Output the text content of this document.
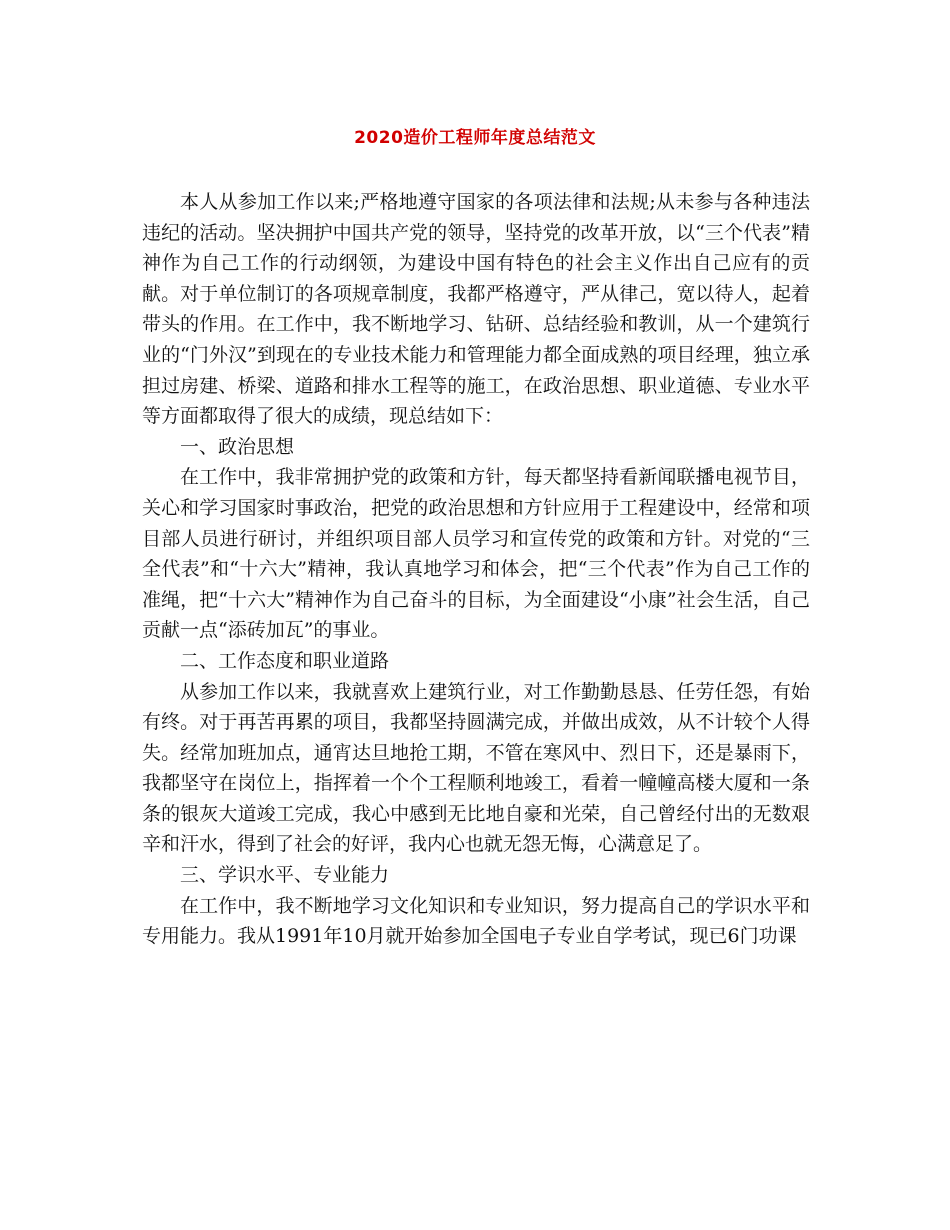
2020造价工程师年度总结范文

本人从参加工作以来;严格地遵守国家的各项法律和法规;从未参与各种违法违纪的活动。坚决拥护中国共产党的领导，坚持党的改革开放，以“三个代表”精神作为自己工作的行动纲领，为建设中国有特色的社会主义作出自己应有的贡献。对于单位制订的各项规章制度，我都严格遵守，严从律己，宽以待人，起着带头的作用。在工作中，我不断地学习、钻研、总结经验和教训，从一个建筑行业的“门外汉”到现在的专业技术能力和管理能力都全面成熟的项目经理，独立承担过房建、桥梁、道路和排水工程等的施工，在政治思想、职业道德、专业水平等方面都取得了很大的成绩，现总结如下：

一、政治思想

在工作中，我非常拥护党的政策和方针，每天都坚持看新闻联播电视节目，关心和学习国家时事政治，把党的政治思想和方针应用于工程建设中，经常和项目部人员进行研讨，并组织项目部人员学习和宣传党的政策和方针。对党的“三全代表”和“十六大”精神，我认真地学习和体会，把“三个代表”作为自己工作的准绳，把“十六大”精神作为自己奋斗的目标，为全面建设“小康”社会生活，自己贡献一点“添砖加瓦”的事业。

二、工作态度和职业道路

从参加工作以来，我就喜欢上建筑行业，对工作勤勤恳恳、任劳任怨，有始有终。对于再苦再累的项目，我都坚持圆满完成，并做出成效，从不计较个人得失。经常加班加点，通宵达旦地抢工期，不管在寒风中、烈日下，还是暴雨下，我都坚守在岗位上，指挥着一个个工程顺利地竣工，看着一幢幢高楼大厦和一条条的银灰大道竣工完成，我心中感到无比地自豪和光荣，自己曾经付出的无数艰辛和汗水，得到了社会的好评，我内心也就无怨无悔，心满意足了。

三、学识水平、专业能力

在工作中，我不断地学习文化知识和专业知识，努力提高自己的学识水平和专用能力。我从1991年10月就开始参加全国电子专业自学考试，现已6门功课
